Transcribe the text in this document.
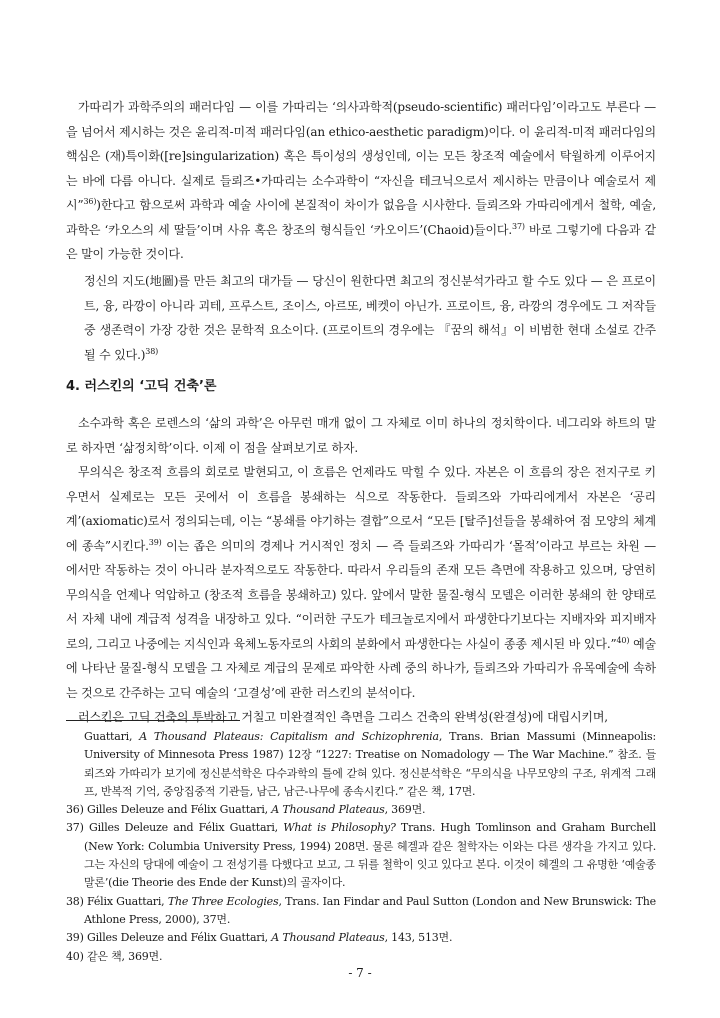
가따리가 과학주의의 패러다임 — 이를 가따리는 ‘의사과학적(pseudo-scientific) 패러다임’이라고도 부른다 — 을 넘어서 제시하는 것은 윤리적-미적 패러다임(an ethico-aesthetic paradigm)이다. 이 윤리적-미적 패러다임의 핵심은 (재)특이화([re]singularization) 혹은 특이성의 생성인데, 이는 모든 창조적 예술에서 탁월하게 이루어지는 바에 다름 아니다. 실제로 들뢰즈•가따리는 소수과학이 “자신을 테크닉으로서 제시하는 만큼이나 예술로서 제시”$^{36)}$)한다고 함으로써 과학과 예술 사이에 본질적이 차이가 없음을 시사한다. 들뢰즈와 가따리에게서 철학, 예술, 과학은 ‘카오스의 세 딸들’이며 사유 혹은 창조의 형식들인 ‘카오이드’(Chaoid)들이다.$^{37)}$ 바로 그렇기에 다음과 같은 말이 가능한 것이다.

정신의 지도(地圖)를 만든 최고의 대가들 — 당신이 원한다면 최고의 정신분석가라고 할 수도 있다 — 은 프로이트, 융, 라깡이 아니라 괴테, 프루스트, 조이스, 아르또, 베켓이 아닌가. 프로이트, 융, 라깡의 경우에도 그 저작들 중 생존력이 가장 강한 것은 문학적 요소이다. (프로이트의 경우에는 『꿈의 해석』이 비범한 현대 소설로 간주될 수 있다.)$^{38)}$

4. 러스킨의 ‘고딕 건축’론

소수과학 혹은 로렌스의 ‘삶의 과학’은 아무런 매개 없이 그 자체로 이미 하나의 정치학이다. 네그리와 하트의 말로 하자면 ‘삶정치학’이다. 이제 이 점을 살펴보기로 하자.

무의식은 창조적 흐름의 회로로 발현되고, 이 흐름은 언제라도 막힐 수 있다. 자본은 이 흐름의 장은 전지구로 키우면서 실제로는 모든 곳에서 이 흐름을 봉쇄하는 식으로 작동한다. 들뢰즈와 가따리에게서 자본은 ‘공리계’(axiomatic)로서 정의되는데, 이는 “봉쇄를 야기하는 결합”으로서 “모든 [탈주]선들을 봉쇄하여 점 모양의 체계에 종속”시킨다.$^{39)}$ 이는 좁은 의미의 경제나 거시적인 정치 — 즉 들뢰즈와 가따리가 ‘몰적’이라고 부르는 차원 — 에서만 작동하는 것이 아니라 분자적으로도 작동한다. 따라서 우리들의 존재 모든 측면에 작용하고 있으며, 당연히 무의식을 언제나 억압하고 (창조적 흐름을 봉쇄하고) 있다. 앞에서 말한 물질-형식 모델은 이러한 봉쇄의 한 양태로서 자체 내에 계급적 성격을 내장하고 있다. “이러한 구도가 테크놀로지에서 파생한다기보다는 지배자와 피지배자로의, 그리고 나중에는 지식인과 육체노동자로의 사회의 분화에서 파생한다는 사실이 종종 제시된 바 있다.”$^{40)}$ 예술에 나타난 물질-형식 모델을 그 자체로 계급의 문제로 파악한 사례 중의 하나가, 들뢰즈와 가따리가 유목예술에 속하는 것으로 간주하는 고딕 예술의 ‘고결성’에 관한 러스킨의 분석이다.

러스킨은 고딕 건축의 투박하고 거칠고 미완결적인 측면을 그리스 건축의 완벽성(완결성)에 대립시키며,

Guattari, A Thousand Plateaus: Capitalism and Schizophrenia, Trans. Brian Massumi (Minneapolis: University of Minnesota Press 1987) 12장 “1227: Treatise on Nomadology — The War Machine.” 참조. 들뢰즈와 가따리가 보기에 정신분석학은 다수과학의 틀에 갇혀 있다. 정신분석학은 “무의식을 나무모양의 구조, 위계적 그래프, 반복적 기억, 중앙집중적 기관들, 남근, 남근-나무에 종속시킨다.” 같은 책, 17면.

36) Gilles Deleuze and Félix Guattari, A Thousand Plateaus, 369면.

37) Gilles Deleuze and Félix Guattari, What is Philosophy? Trans. Hugh Tomlinson and Graham Burchell (New York: Columbia University Press, 1994) 208면. 물론 헤겔과 같은 철학자는 이와는 다른 생각을 가지고 있다. 그는 자신의 당대에 예술이 그 전성기를 다했다고 보고, 그 뒤를 철학이 잇고 있다고 본다. 이것이 헤겔의 그 유명한 ‘예술종말론’(die Theorie des Ende der Kunst)의 골자이다.

38) Félix Guattari, The Three Ecologies, Trans. Ian Findar and Paul Sutton (London and New Brunswick: The Athlone Press, 2000), 37면.

39) Gilles Deleuze and Félix Guattari, A Thousand Plateaus, 143, 513면.

40) 같은 책, 369면.

- 7 -
